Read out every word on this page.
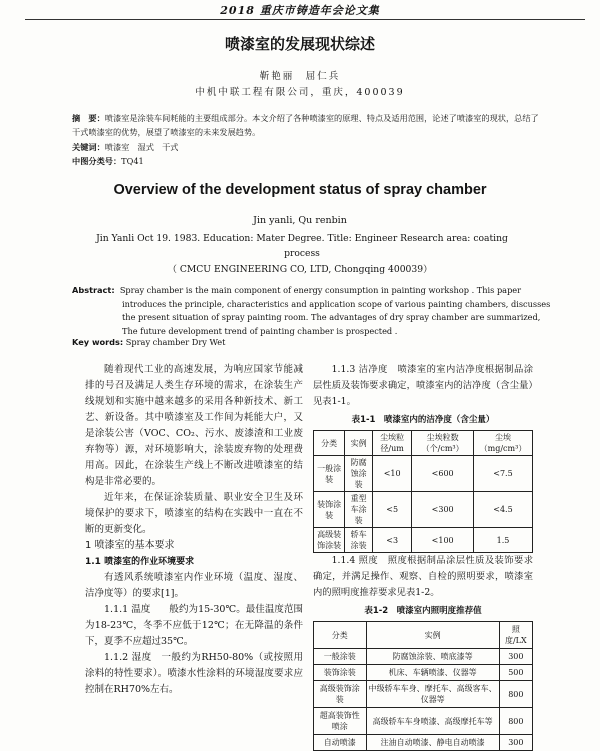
2018 重庆市铸造年会论文集
喷漆室的发展现状综述
靳艳丽　屈仁兵
中机中联工程有限公司，重庆，400039
摘　要：喷漆室是涂装车间耗能的主要组成部分。本文介绍了各种喷漆室的原理、特点及适用范围，论述了喷漆室的现状，总结了干式喷漆室的优势，展望了喷漆室的未来发展趋势。
关键词：喷漆室　湿式　干式
中图分类号：TQ41
Overview of the development status of spray chamber
Jin yanli, Qu renbin
Jin Yanli Oct 19. 1983. Education: Mater Degree. Title: Engineer Research area: coating process
（ CMCU ENGINEERING CO, LTD, Chongqing 400039）
Abstract: Spray chamber is the main component of energy consumption in painting workshop . This paper introduces the principle, characteristics and application scope of various painting chambers, discusses the present situation of spray painting room. The advantages of dry spray chamber are summarized, The future development trend of painting chamber is prospected .
Key words: Spray chamber Dry Wet

随着现代工业的高速发展，为响应国家节能减排的号召及满足人类生存环境的需求，在涂装生产线规划和实施中越来越多的采用各种新技术、新工艺、新设备。其中喷漆室及工作间为耗能大户，又是涂装公害（VOC、CO₂、污水、废漆渣和工业废弃物等）源，对环境影响大，涂装废弃物的处理费用高。因此，在涂装生产线上不断改进喷漆室的结构是非常必要的。

近年来，在保证涂装质量、职业安全卫生及环境保护的要求下，喷漆室的结构在实践中一直在不断的更新变化。

1 喷漆室的基本要求

1.1 喷漆室的作业环境要求

有透风系统喷漆室内作业环境（温度、湿度、洁净度等）的要求[1]。

1.1.1 温度　　般约为15-30℃。最佳温度范围为18-23℃，冬季不应低于12℃；在无降温的条件下，夏季不应超过35℃。

1.1.2 湿度　一般约为RH50-80%（或按照用涂料的特性要求）。喷漆水性涂料的环境湿度要求应控制在RH70%左右。

1.1.3 洁净度　喷漆室的室内洁净度根据制品涂层性质及装饰要求确定，喷漆室内的洁净度（含尘量）见表1-1。

表1-1　喷漆室内的洁净度（含尘量）
分类	实例	尘埃粒径/um	尘埃粒数（个/cm³）	尘埃（mg/cm³）
一般涂装	防腐蚀涂装	<10	<600	<7.5
装饰涂装	重型车涂装	<5	<300	<4.5
高级装饰涂装	轿车涂装	<3	<100	1.5

1.1.4 照度　照度根据制品涂层性质及装饰要求确定，并满足操作、观察、自检的照明要求，喷漆室内的照明度推荐要求见表1-2。

表1-2　喷漆室内照明度推荐值
分类	实例	照度/LX
一般涂装	防腐蚀涂装、喷底漆等	300
装饰涂装	机床、车辆喷漆、仪器等	500
高级装饰涂装	中级轿车车身、摩托车、高级客车、仪器等	800
超高装饰性喷涂	高级轿车车身喷漆、高级摩托车等	800
自动喷漆	注油自动喷漆、静电自动喷漆	300
